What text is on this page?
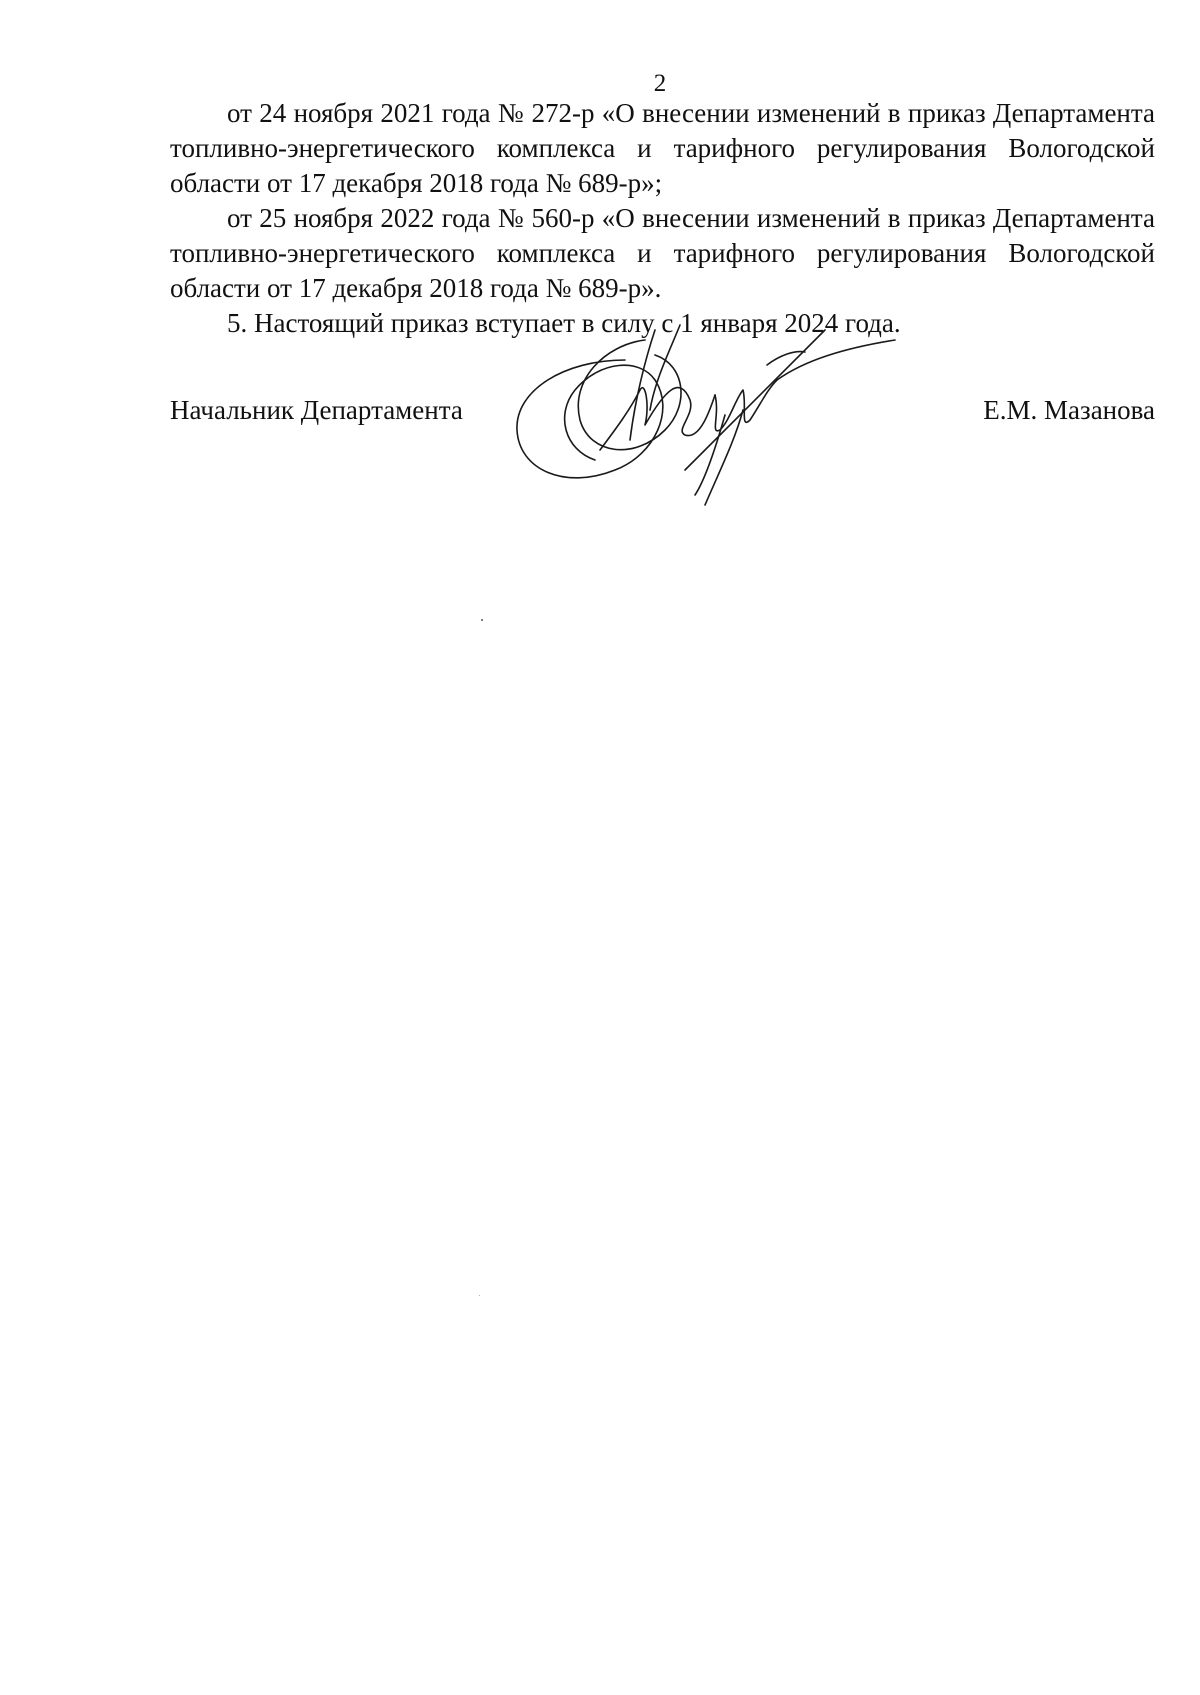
2

от 24 ноября 2021 года № 272-р «О внесении изменений в приказ Департамента топливно-энергетического комплекса и тарифного регулирования Вологодской области от 17 декабря 2018 года № 689-р»;

от 25 ноября 2022 года № 560-р «О внесении изменений в приказ Департамента топливно-энергетического комплекса и тарифного регулирования Вологодской области от 17 декабря 2018 года № 689-р».

5. Настоящий приказ вступает в силу с 1 января 2024 года.

Начальник Департамента	Е.М. Мазанова
